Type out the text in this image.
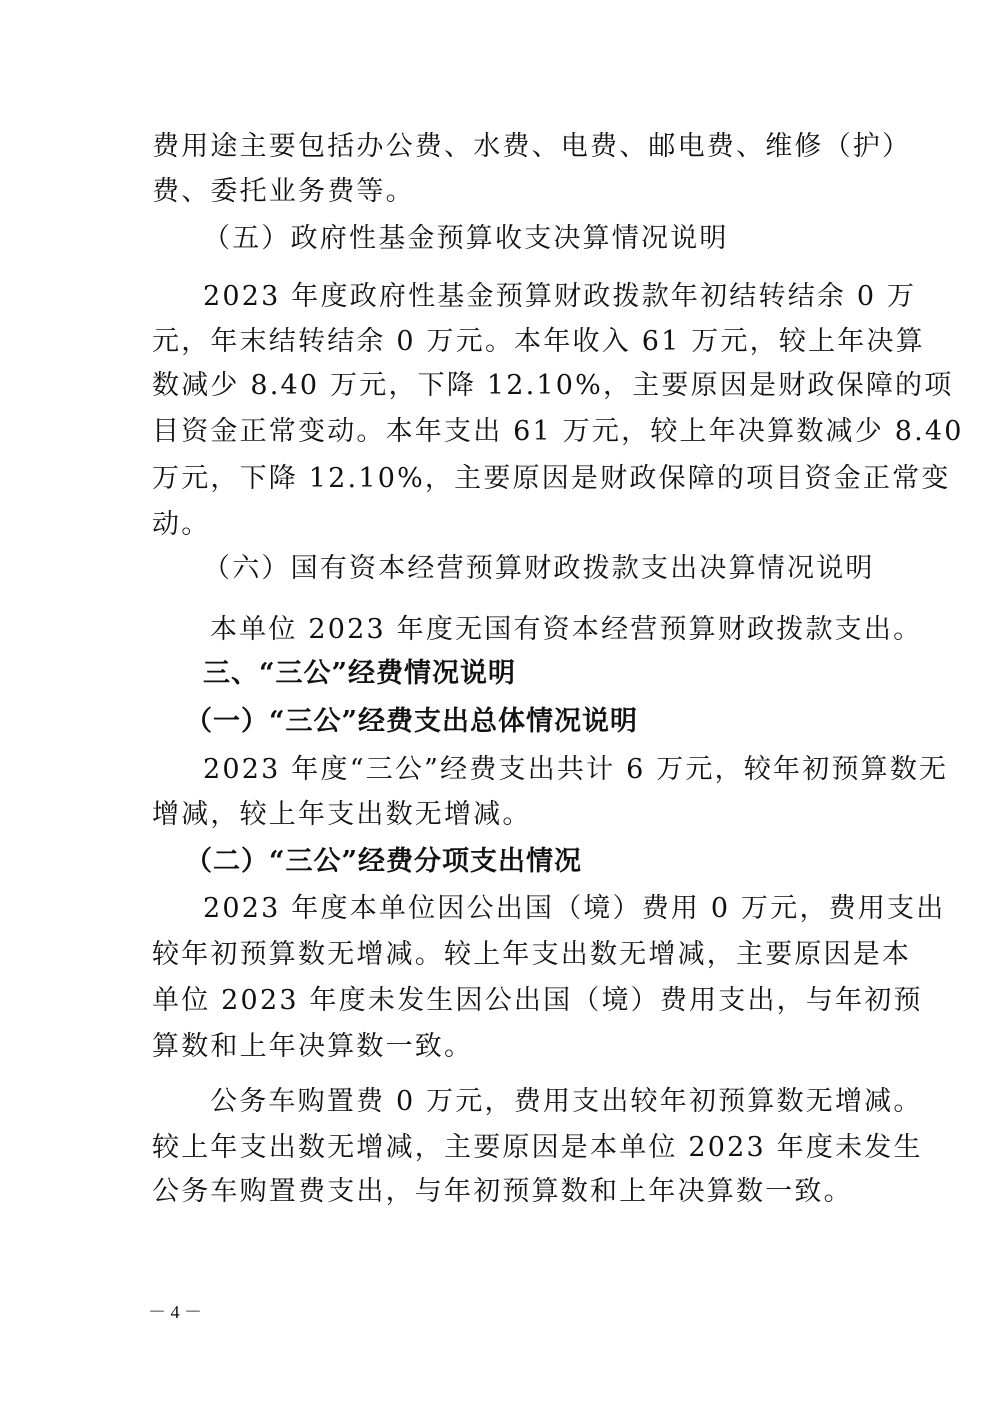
费用途主要包括办公费、水费、电费、邮电费、维修（护）
费、委托业务费等。
（五）政府性基金预算收支决算情况说明
2023 年度政府性基金预算财政拨款年初结转结余 0 万
元，年末结转结余 0 万元。本年收入 61 万元，较上年决算
数减少 8.40 万元，下降 12.10%，主要原因是财政保障的项
目资金正常变动。本年支出 61 万元，较上年决算数减少 8.40
万元，下降 12.10%，主要原因是财政保障的项目资金正常变
动。
（六）国有资本经营预算财政拨款支出决算情况说明
本单位 2023 年度无国有资本经营预算财政拨款支出。
三、“三公”经费情况说明
（一）“三公”经费支出总体情况说明
2023 年度“三公”经费支出共计 6 万元，较年初预算数无
增减，较上年支出数无增减。
（二）“三公”经费分项支出情况
2023 年度本单位因公出国（境）费用 0 万元，费用支出
较年初预算数无增减。较上年支出数无增减，主要原因是本
单位 2023 年度未发生因公出国（境）费用支出，与年初预
算数和上年决算数一致。
公务车购置费 0 万元，费用支出较年初预算数无增减。
较上年支出数无增减，主要原因是本单位 2023 年度未发生
公务车购置费支出，与年初预算数和上年决算数一致。
－ 4 －
